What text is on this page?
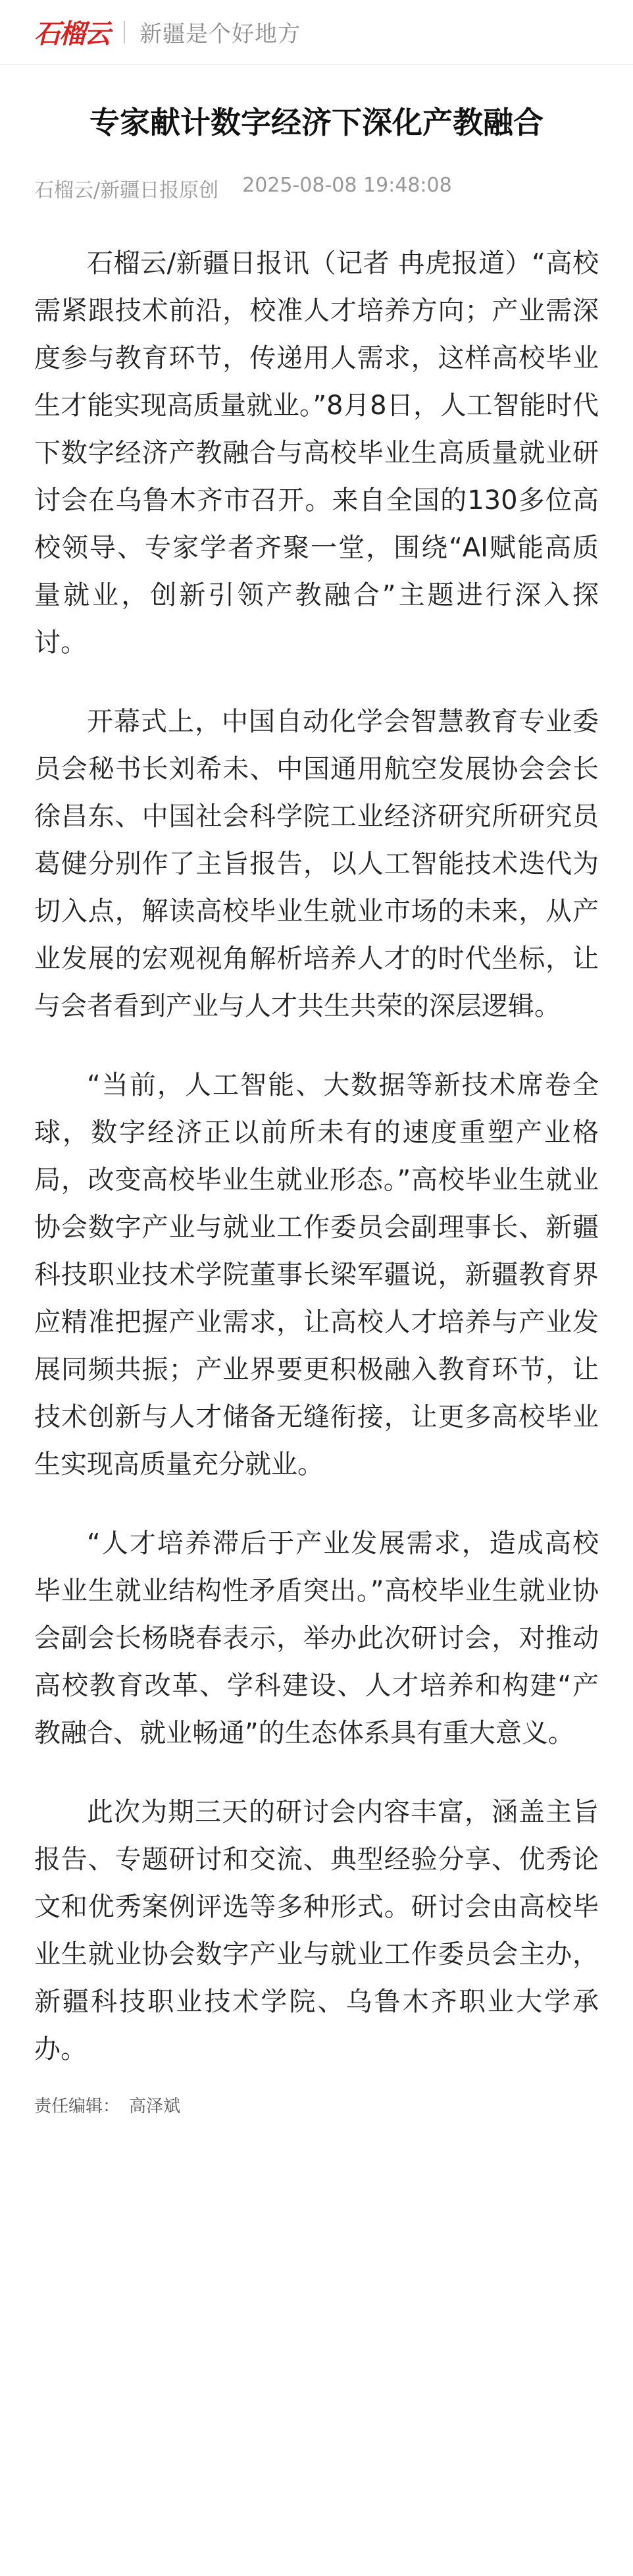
石榴云 新疆是个好地方
专家献计数字经济下深化产教融合
石榴云/新疆日报原创 2025-08-08 19:48:08

石榴云/新疆日报讯（记者 冉虎报道）“高校需紧跟技术前沿，校准人才培养方向；产业需深度参与教育环节，传递用人需求，这样高校毕业生才能实现高质量就业。”8月8日，人工智能时代下数字经济产教融合与高校毕业生高质量就业研讨会在乌鲁木齐市召开。来自全国的130多位高校领导、专家学者齐聚一堂，围绕“AI赋能高质量就业，创新引领产教融合”主题进行深入探讨。

开幕式上，中国自动化学会智慧教育专业委员会秘书长刘希未、中国通用航空发展协会会长徐昌东、中国社会科学院工业经济研究所研究员葛健分别作了主旨报告，以人工智能技术迭代为切入点，解读高校毕业生就业市场的未来，从产业发展的宏观视角解析培养人才的时代坐标，让与会者看到产业与人才共生共荣的深层逻辑。

“当前，人工智能、大数据等新技术席卷全球，数字经济正以前所未有的速度重塑产业格局，改变高校毕业生就业形态。”高校毕业生就业协会数字产业与就业工作委员会副理事长、新疆科技职业技术学院董事长梁军疆说，新疆教育界应精准把握产业需求，让高校人才培养与产业发展同频共振；产业界要更积极融入教育环节，让技术创新与人才储备无缝衔接，让更多高校毕业生实现高质量充分就业。

“人才培养滞后于产业发展需求，造成高校毕业生就业结构性矛盾突出。”高校毕业生就业协会副会长杨晓春表示，举办此次研讨会，对推动高校教育改革、学科建设、人才培养和构建“产教融合、就业畅通”的生态体系具有重大意义。

此次为期三天的研讨会内容丰富，涵盖主旨报告、专题研讨和交流、典型经验分享、优秀论文和优秀案例评选等多种形式。研讨会由高校毕业生就业协会数字产业与就业工作委员会主办，新疆科技职业技术学院、乌鲁木齐职业大学承办。

责任编辑： 高泽斌
